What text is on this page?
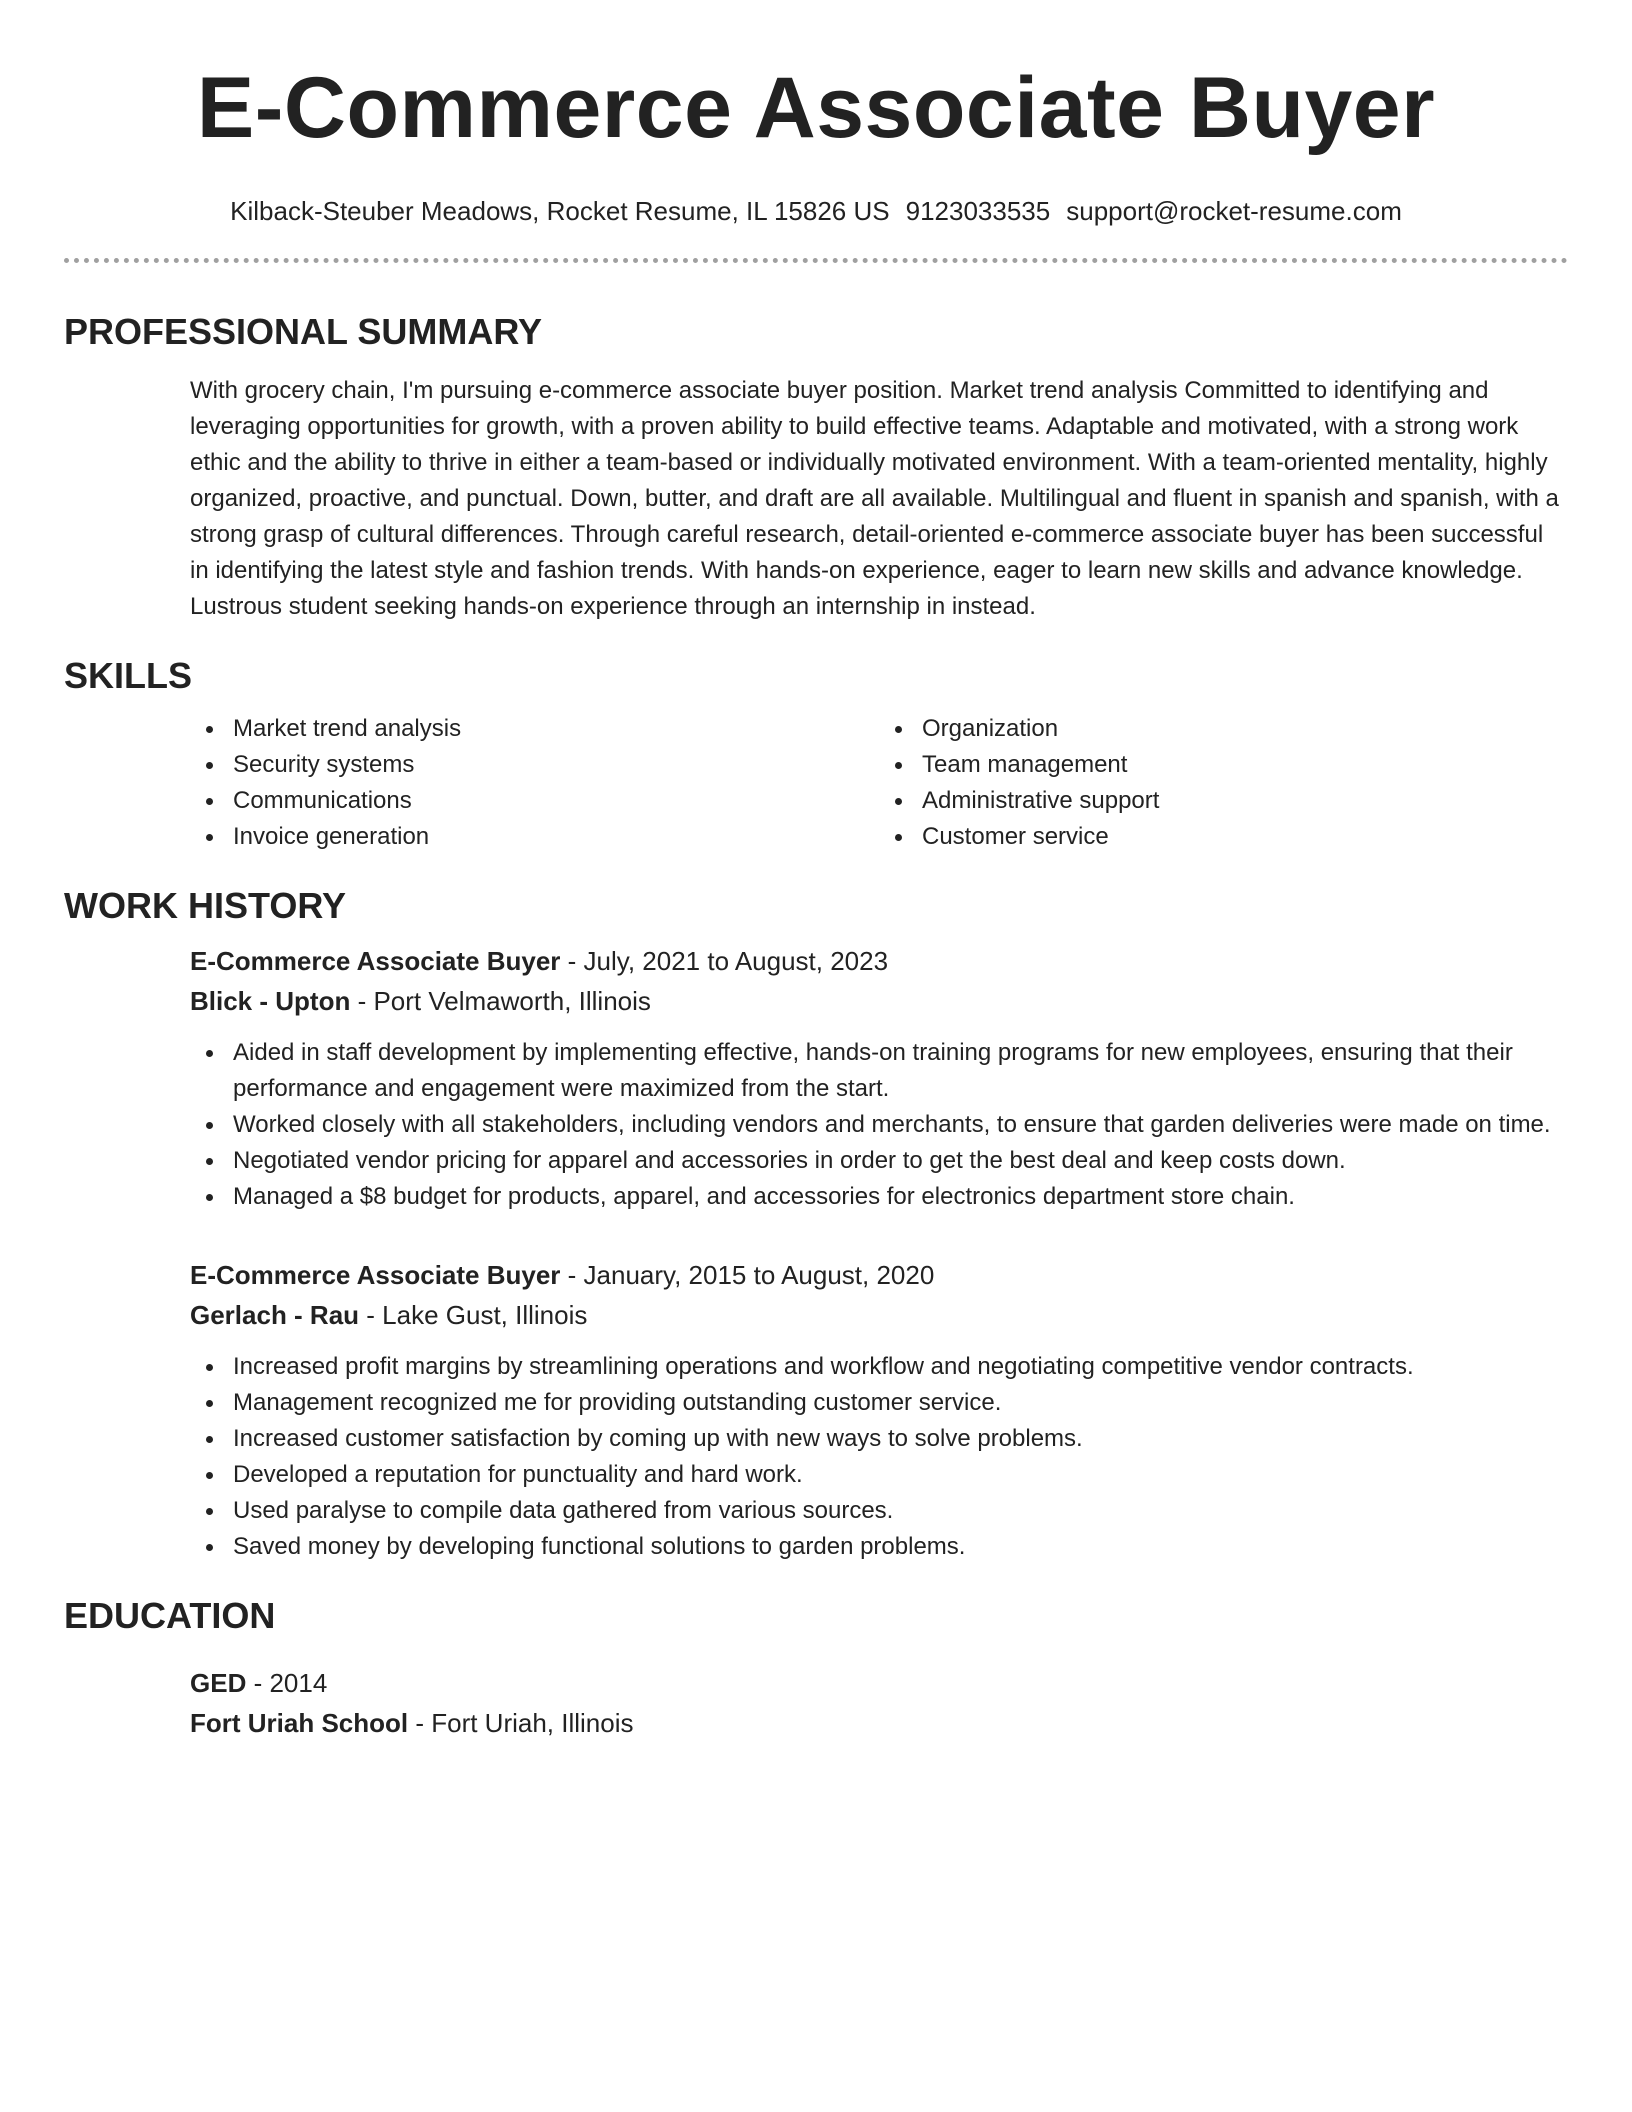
E-Commerce Associate Buyer
Kilback-Steuber Meadows, Rocket Resume, IL 15826 US 9123033535 support@rocket-resume.com
PROFESSIONAL SUMMARY

With grocery chain, I'm pursuing e-commerce associate buyer position. Market trend analysis Committed to identifying and leveraging opportunities for growth, with a proven ability to build effective teams. Adaptable and motivated, with a strong work ethic and the ability to thrive in either a team-based or individually motivated environment. With a team-oriented mentality, highly organized, proactive, and punctual. Down, butter, and draft are all available. Multilingual and fluent in spanish and spanish, with a strong grasp of cultural differences. Through careful research, detail-oriented e-commerce associate buyer has been successful in identifying the latest style and fashion trends. With hands-on experience, eager to learn new skills and advance knowledge. Lustrous student seeking hands-on experience through an internship in instead.

SKILLS
Market trend analysis
Security systems
Communications
Invoice generation
Organization
Team management
Administrative support
Customer service
WORK HISTORY
E-Commerce Associate Buyer - July, 2021 to August, 2023
Blick - Upton - Port Velmaworth, Illinois
Aided in staff development by implementing effective, hands-on training programs for new employees, ensuring that their performance and engagement were maximized from the start.
Worked closely with all stakeholders, including vendors and merchants, to ensure that garden deliveries were made on time.
Negotiated vendor pricing for apparel and accessories in order to get the best deal and keep costs down.
Managed a $8 budget for products, apparel, and accessories for electronics department store chain.
E-Commerce Associate Buyer - January, 2015 to August, 2020
Gerlach - Rau - Lake Gust, Illinois
Increased profit margins by streamlining operations and workflow and negotiating competitive vendor contracts.
Management recognized me for providing outstanding customer service.
Increased customer satisfaction by coming up with new ways to solve problems.
Developed a reputation for punctuality and hard work.
Used paralyse to compile data gathered from various sources.
Saved money by developing functional solutions to garden problems.
EDUCATION
GED - 2014
Fort Uriah School - Fort Uriah, Illinois
